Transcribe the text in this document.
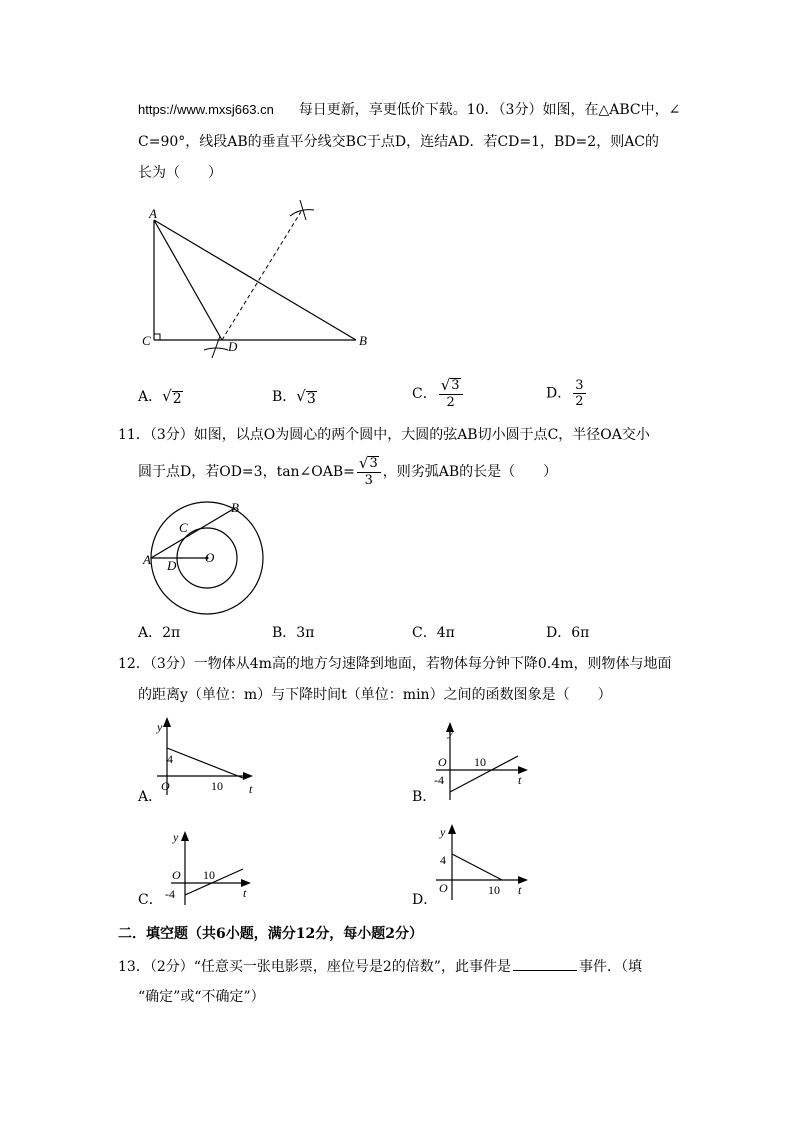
https://www.mxsj663.cn 每日更新，享更低价下载。10．（3分）如图，在△ABC中，∠
C=90°，线段AB的垂直平分线交BC于点D，连结AD．若CD=1，BD=2，则AC的
长为（　　）
A
C	D	B
A． √ 2	B． √ 3	C． $\frac{√ 3}{2}$	D． $\frac{3}{2}$
11．（3分）如图，以点O为圆心的两个圆中，大圆的弦AB切小圆于点C，半径OA交小
圆于点D，若OD=3，tan∠OAB= $\frac{√ 3}{3}$ ，则劣弧AB的长是（　　）
A
B
C
D
O
A．2π	B．3π	C．4π	D．6π
12．（3分）一物体从4m高的地方匀速降到地面，若物体每分钟下降0.4m，则物体与地面
的距离y（单位：m）与下降时间t（单位：min）之间的函数图象是（　　）
A．
y
t
O
4
10
B．
y
t
O
-4
10
C．
y
t
O
-4
10
D．
y
t
O
4
10
二．填空题（共6小题，满分12分，每小题2分）
13．（2分）“任意买一张电影票，座位号是2的倍数”，此事件是	事件．（填
“确定”或“不确定”）
